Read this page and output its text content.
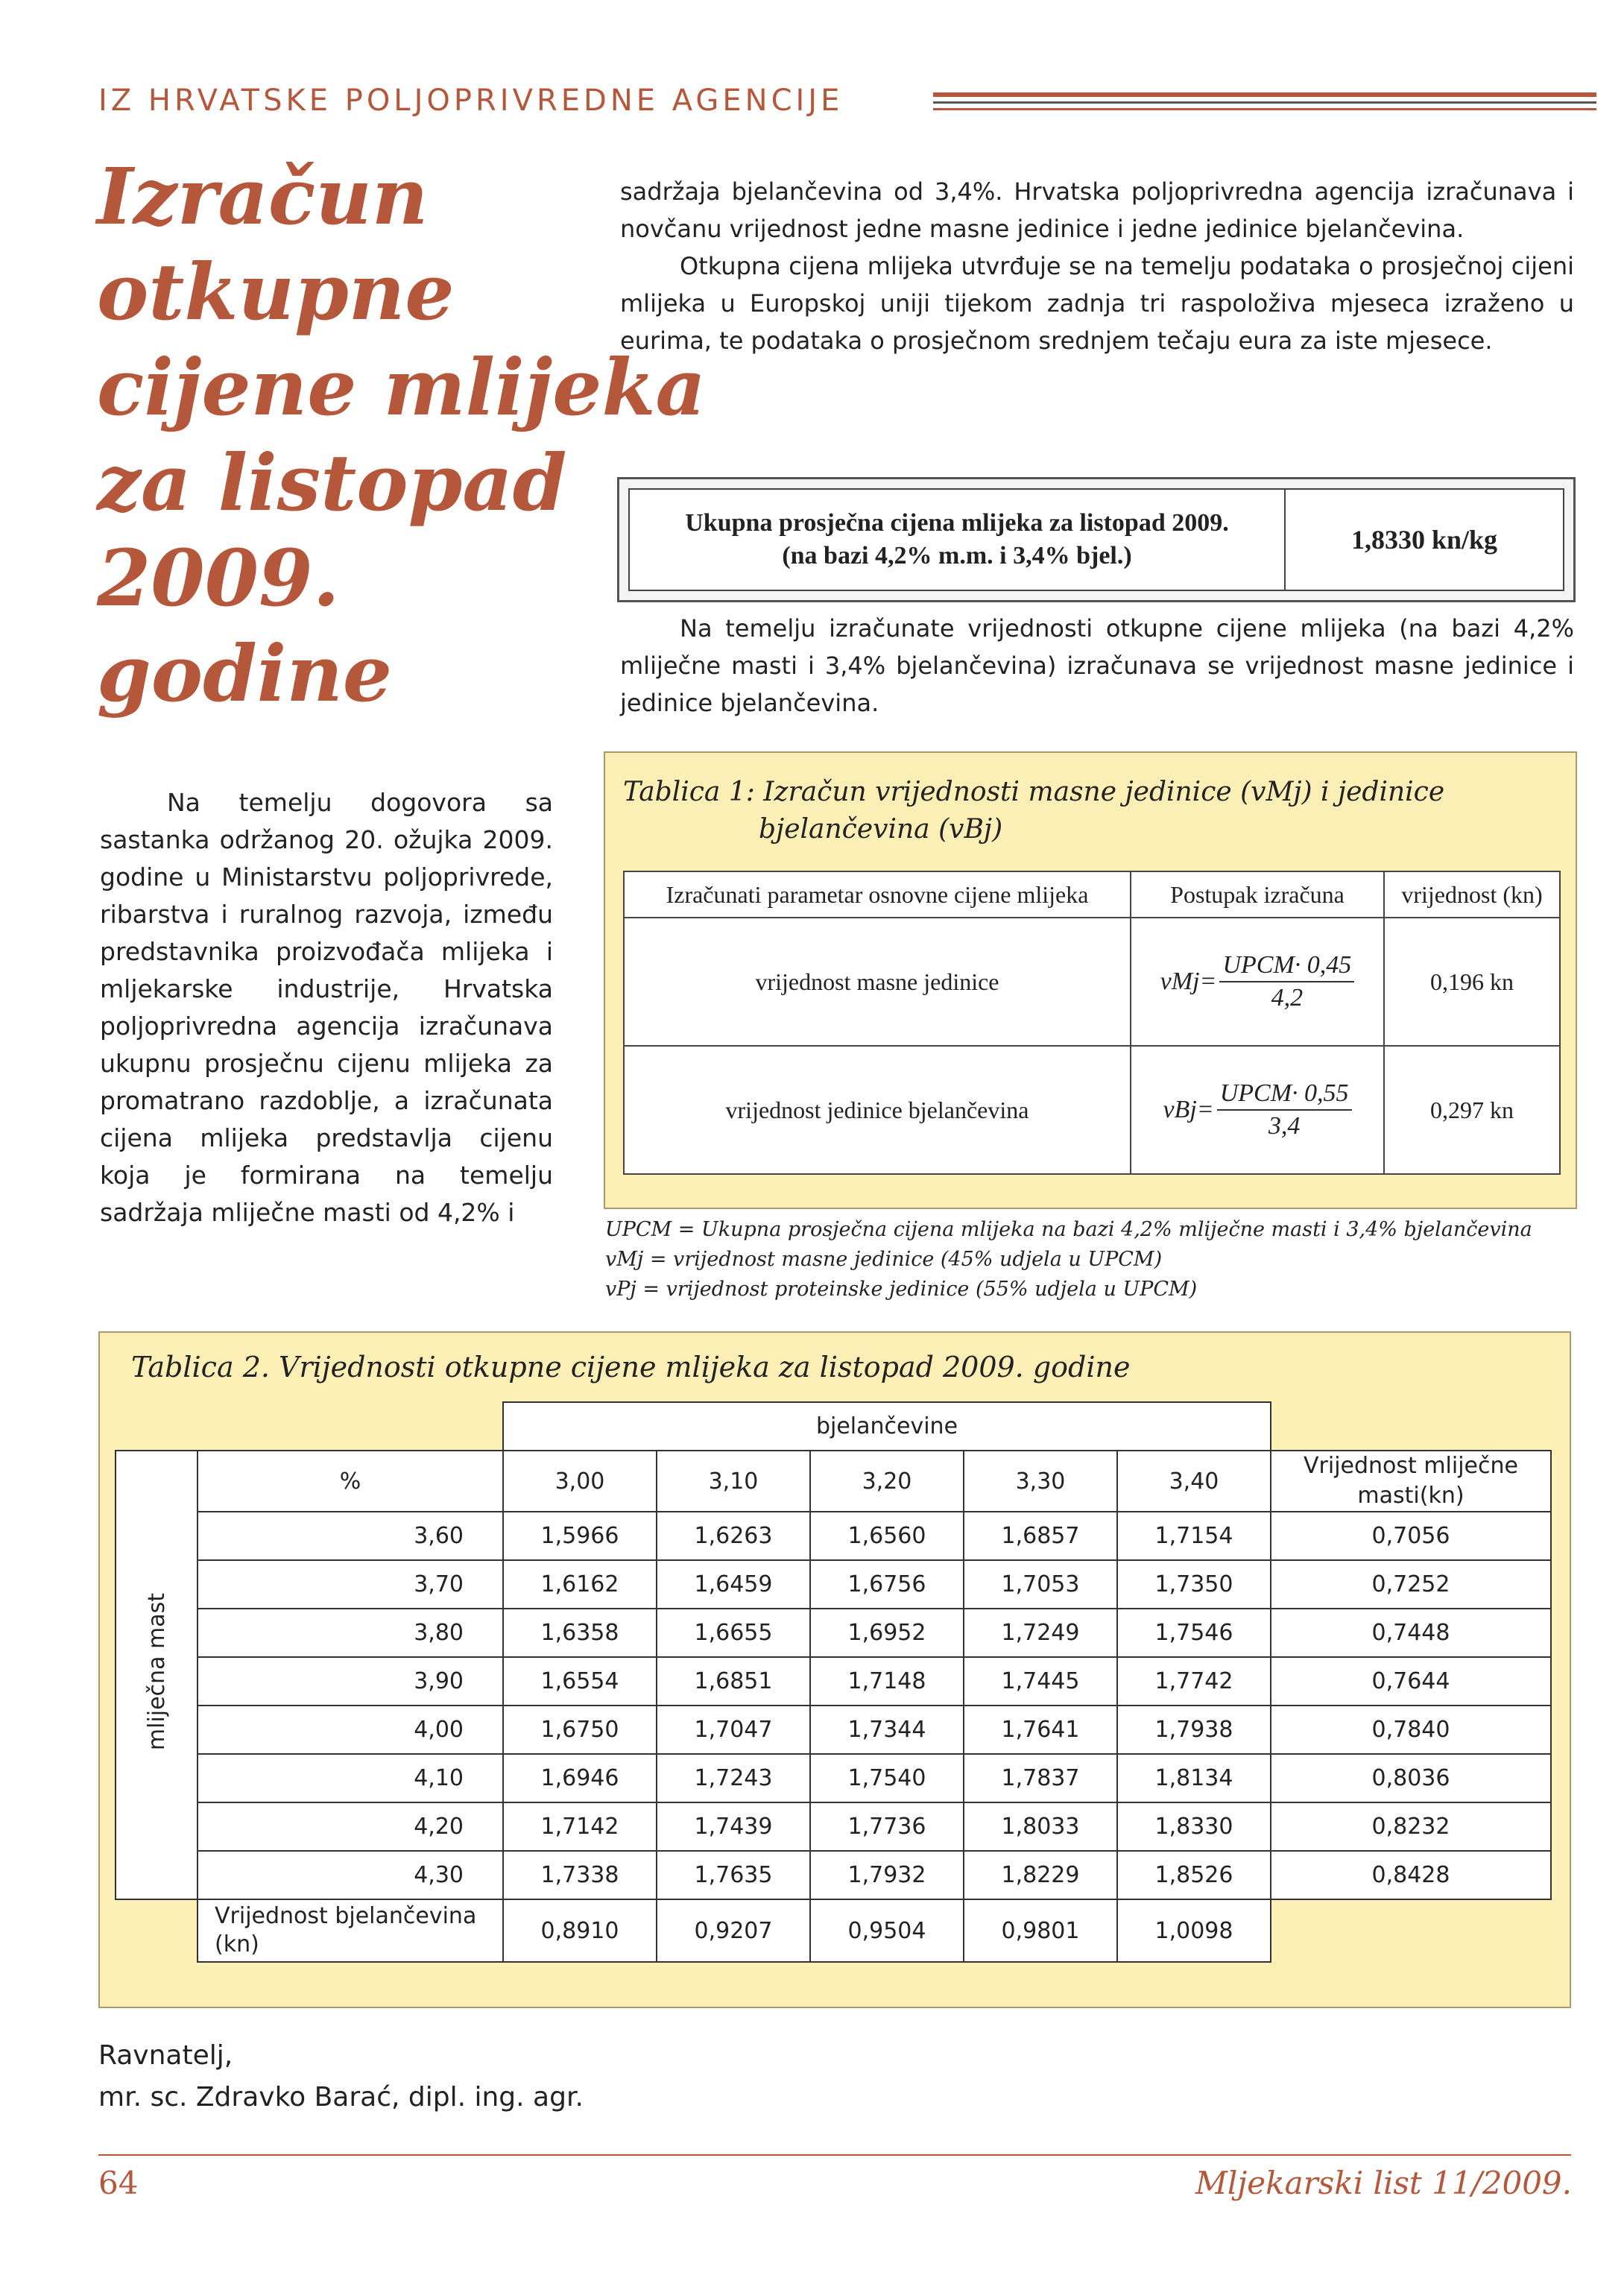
IZ HRVATSKE POLJOPRIVREDNE AGENCIJE
Izračun
otkupne
cijene mlijeka
za listopad
2009.
godine

Na temelju dogovora sa sastanka održanog 20. ožujka 2009. godine u Ministarstvu poljoprivrede, ribarstva i ruralnog razvoja, između predstavnika proizvođača mlijeka i mljekarske industrije, Hrvatska poljoprivredna agencija izračunava ukupnu prosječnu cijenu mlijeka za promatrano razdoblje, a izračunata cijena mlijeka predstavlja cijenu koja je formirana na temelju sadržaja mliječne masti od 4,2% i

sadržaja bjelančevina od 3,4%. Hrvatska poljoprivredna agencija izračunava i novčanu vrijednost jedne masne jedinice i jedne jedinice bjelančevina.
Otkupna cijena mlijeka utvrđuje se na temelju podataka o prosječnoj cijeni mlijeka u Europskoj uniji tijekom zadnja tri raspoloživa mjeseca izraženo u eurima, te podataka o prosječnom srednjem tečaju eura za iste mjesece.

Ukupna prosječna cijena mlijeka za listopad 2009.
(na bazi 4,2% m.m. i 3,4% bjel.)
1,8330 kn/kg

Na temelju izračunate vrijednosti otkupne cijene mlijeka (na bazi 4,2% mliječne masti i 3,4% bjelančevina) izračunava se vrijednost masne jedinice i jedinice bjelančevina.

Tablica 1: Izračun vrijednosti masne jedinice (vMj) i jedinice
bjelančevina (vBj)
Izračunati parametar osnovne cijene mlijeka	Postupak izračuna	vrijednost (kn)
vrijednost masne jedinice	$vMj= \frac{\text{UPCM· 0,45}}{4,2}$	0,196 kn
vrijednost jedinice bjelančevina	$vBj= \frac{\text{UPCM· 0,55}}{3,4}$	0,297 kn
UPCM = Ukupna prosječna cijena mlijeka na bazi 4,2% mliječne masti i 3,4% bjelančevina
vMj = vrijednost masne jedinice (45% udjela u UPCM)
vPj = vrijednost proteinske jedinice (55% udjela u UPCM)
Tablica 2. Vrijednosti otkupne cijene mlijeka za listopad 2009. godine
		bjelančevine					
mliječna mast	%	3,00	3,10	3,20	3,30	3,40	Vrijednost mliječne masti(kn)
	3,60	1,5966	1,6263	1,6560	1,6857	1,7154	0,7056
	3,70	1,6162	1,6459	1,6756	1,7053	1,7350	0,7252
	3,80	1,6358	1,6655	1,6952	1,7249	1,7546	0,7448
	3,90	1,6554	1,6851	1,7148	1,7445	1,7742	0,7644
	4,00	1,6750	1,7047	1,7344	1,7641	1,7938	0,7840
	4,10	1,6946	1,7243	1,7540	1,7837	1,8134	0,8036
	4,20	1,7142	1,7439	1,7736	1,8033	1,8330	0,8232
	4,30	1,7338	1,7635	1,7932	1,8229	1,8526	0,8428
	Vrijednost bjelančevina (kn)	0,8910	0,9207	0,9504	0,9801	1,0098	
Ravnatelj,
mr. sc. Zdravko Barać, dipl. ing. agr.
64	Mljekarski list 11/2009.
